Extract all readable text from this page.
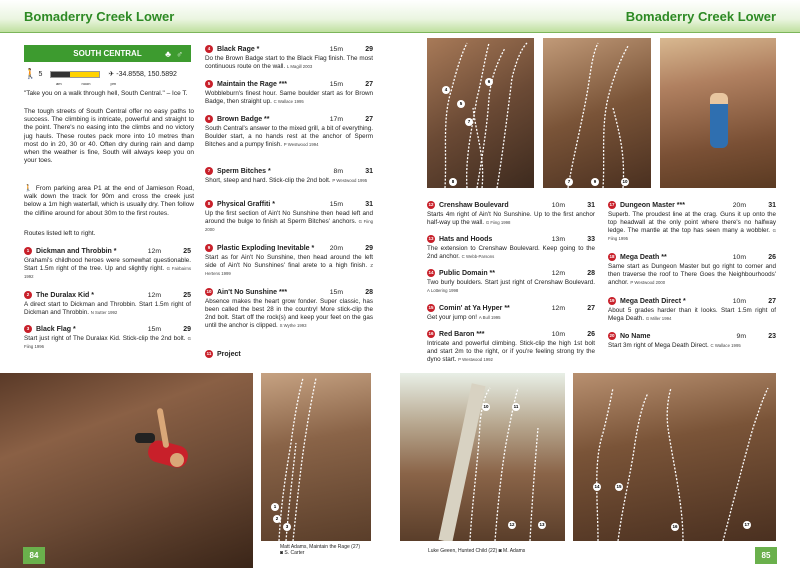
Bomaderry Creek Lower	Bomaderry Creek Lower
SOUTH CENTRAL	♣ ♂
🚶 5	✈ -34.8558, 150.5892
am	noon	pm
"Take you on a walk through hell, South Central." – Ice T.
The tough streets of South Central offer no easy paths to success. The climbing is intricate, powerful and straight to the point. There's no easing into the climbs and no victory jug hauls. These routes pack more into 10 metres than most do in 20, 30 or 40. Often dry during rain and damp when the weather is fine, South will always keep you on your toes.
🚶 From parking area P1 at the end of Jamieson Road, walk down the track for 90m and cross the creek just below a 1m high waterfall, which is usually dry. Then follow the clifline around for about 30m to the first routes.
Routes listed left to right.
1 Dickman and Throbbin *	12m	25
Grahami's childhood heroes were somewhat questionable. Start 1.5m right of the tree. Up and slightly right. G Fairbairns 1992
2 The Duralax Kid *	12m	25
A direct start to Dickman and Throbbin. Start 1.5m right of Dickman and Throbbin. N Sutter 1992
3 Black Flag *	15m	29
Start just right of The Duralax Kid. Stick-clip the 2nd bolt. G Fiing 1996
4 Black Rage *	15m	29
Do the Brown Badge start to the Black Flag finish. The most continuous route on the wall. L Magill 2003
5 Maintain the Rage ***	15m	27
Wobbleburn's finest hour. Same boulder start as for Brown Badge, then straight up. C Wallace 1995
6 Brown Badge **	17m	27
South Central's answer to the mixed grill, a bit of everything. Boulder start, a no hands rest at the anchor of Sperm Bitches and a pumpy finish. P Westwood 1994
7 Sperm Bitches *	8m	31
Short, steep and hard. Stick-clip the 2nd bolt. P Westwood 1995
8 Physical Graffiti *	15m	31
Up the first section of Ain't No Sunshine then head left and around the bulge to finish at Sperm Bitches' anchors. G Fiing 2000
9 Plastic Exploding Inevitable * 20m	29
Start as for Ain't No Sunshine, then head around the left side of Ain't No Sunshines' final arete to a high finish. Z Hertens 1999
10 Ain't No Sunshine ***	15m	28
Absence makes the heart grow fonder. Super classic, has been called the best 28 in the country! More stick-clip the 2nd bolt. Start off the rock(s) and keep your feet on the gas until the anchor is clipped. S Wythe 1993
11 Project
4
5
6
7
8	9
7	10
12 Crenshaw Boulevard	10m	31
Starts 4m right of Ain't No Sunshine. Up to the first anchor half-way up the wall. G Fiing 1998
13 Hats and Hoods	13m	33
The extension to Crenshaw Boulevard. Keep going to the 2nd anchor. C Webb-Parsons
14 Public Domain **	12m	28
Two burly boulders. Start just right of Crenshaw Boulevard. A Lottering 1998
15 Comin' at Ya Hyper **	12m	27
Get your jump on! A Bull 1995
16 Red Baron ***	10m	26
Intricate and powerful climbing. Stick-clip the high 1st bolt and start 2m to the right, or if you're feeling strong try the dyno start. P Westwood 1992
17 Dungeon Master ***	20m	31
Superb. The proudest line at the crag. Guns it up onto the top headwall at the only point where there's no halfway ledge. The mantle at the top has seen many a wobbler. G Fiing 1995
18 Mega Death **	10m	26
Same start as Dungeon Master but go right to corner and then traverse the roof to There Goes the Neighbourhoods' anchor. P Westwood 2000
19 Mega Death Direct *	10m	27
About 5 grades harder than it looks. Start 1.5m right of Mega Death. G Miller 1994
20 No Name	9m	23
Start 3m right of Mega Death Direct. C Wallace 1995
1
2
3
Matt Adams, Maintain the Rage (27)
◙ S. Carter
10	11
12	13
Luke Geeen, Hunted Child (22) ◙ M. Adams
14	15
16	17
84	85
